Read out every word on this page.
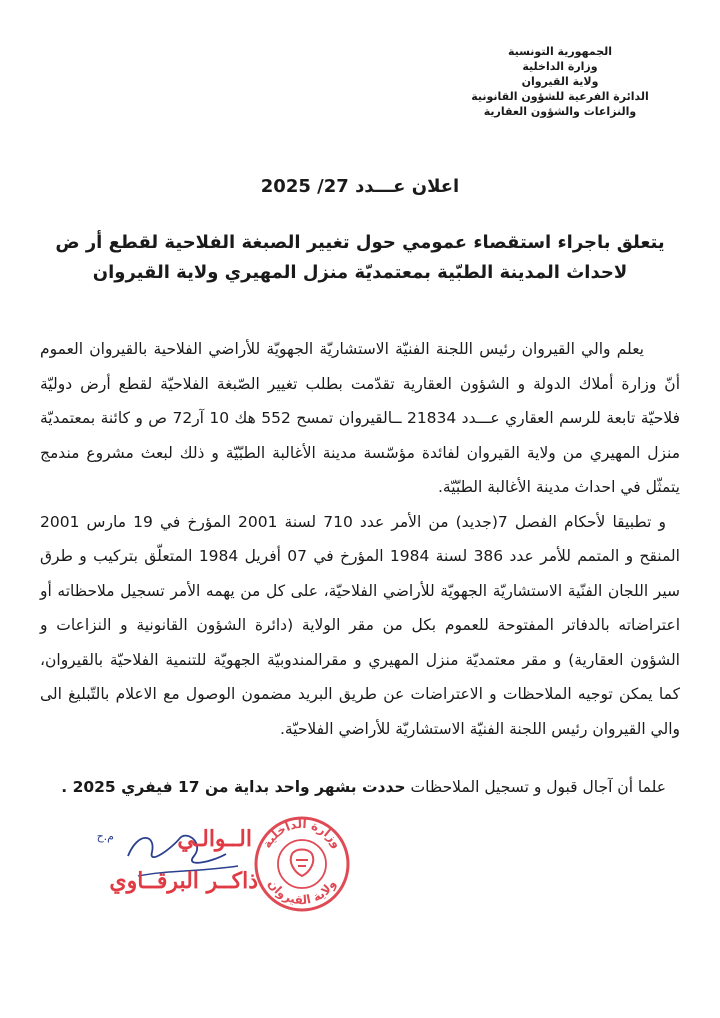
الجمهورية التونسية
وزارة الداخلية
ولاية القيروان
الدائرة الفرعية للشؤون القانونية
والنزاعات والشؤون العقارية
اعلان عـــدد 27/ 2025
يتعلق باجراء استقصاء عمومي حول تغيير الصبغة الفلاحية لقطع أر ض
لاحداث المدينة الطبّية بمعتمديّة منزل المهيري ولاية القيروان

يعلم والي القيروان رئيس اللجنة الفنيّة الاستشاريّة الجهويّة للأراضي الفلاحية بالقيروان العموم أنّ وزارة أملاك الدولة و الشؤون العقارية تقدّمت بطلب تغيير الصّبغة الفلاحيّة لقطع أرض دوليّة فلاحيّة تابعة للرسم العقاري عـــدد 21834 ــالقيروان تمسح 552 هك 10 آر72 ص و كائنة بمعتمديّة منزل المهيري من ولاية القيروان لفائدة مؤسّسة مدينة الأغالبة الطبّيّة و ذلك لبعث مشروع مندمج يتمثّل في احداث مدينة الأغالبة الطبّيّة.

و تطبيقا لأحكام الفصل 7(جديد) من الأمر عدد 710 لسنة 2001 المؤرخ في 19 مارس 2001 المنقح و المتمم للأمر عدد 386 لسنة 1984 المؤرخ في 07 أفريل 1984 المتعلّق بتركيب و طرق سير اللجان الفنّية الاستشاريّة الجهويّة للأراضي الفلاحيّة، على كل من يهمه الأمر تسجيل ملاحظاته أو اعتراضاته بالدفاتر المفتوحة للعموم بكل من مقر الولاية (دائرة الشؤون القانونية و النزاعات و الشؤون العقارية) و مقر معتمديّة منزل المهيري و مقرالمندوبيّة الجهويّة للتنمية الفلاحيّة بالقيروان، كما يمكن توجيه الملاحظات و الاعتراضات عن طريق البريد مضمون الوصول مع الاعلام بالتّبليغ الى والي القيروان رئيس اللجنة الفنيّة الاستشاريّة للأراضي الفلاحيّة.

علما أن آجال قبول و تسجيل الملاحظات حددت بشهر واحد بداية من 17 فيفري 2025 .
وزارة الداخلية
ولاية القيروان
م.ح	الــوالـي
ذاكــر البرقــاوي
